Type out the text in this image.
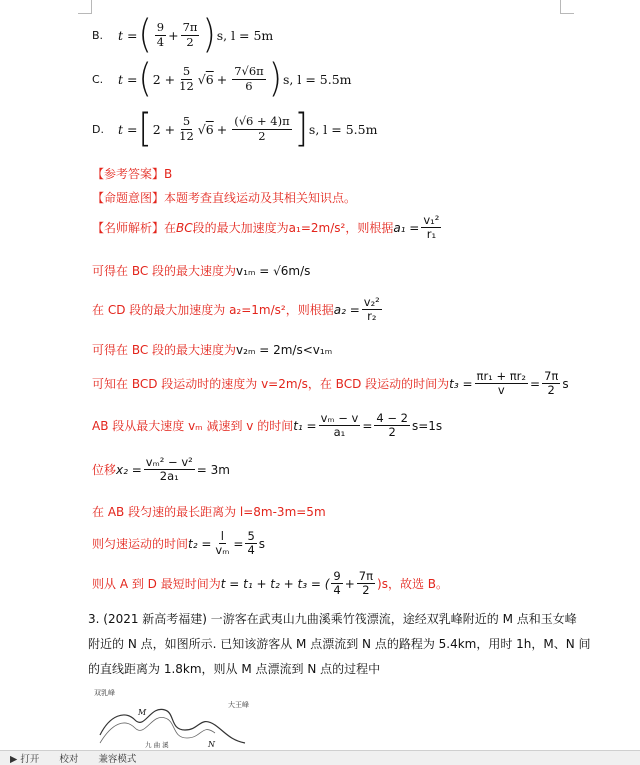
B.	t = ( $\frac{9}{4} + \frac{7\pi}{2}$ ) s, l = 5m
C.	t = ( $2 + \frac{5}{12}$ √ $6 + \frac{7√6\pi}{6}$ ) s, l = 5.5m
D.	t = [ $2 + \frac{5}{12}$ √ $6 + \frac{(√6 + 4)\pi}{2}$ ] s, l = 5.5m
【参考答案】B
【命题意图】本题考查直线运动及其相关知识点。
【名师解析】在 BC 段的最大加速度为 a₁=2m/s² ，则根据 $a_1 = \frac{\text{v₁²}}{\text{r₁}}$
可得在 BC 段的最大速度为 v₁ₘ = √6m/s
在 CD 段的最大加速度为 a₂=1m/s²，则根据 $a_2 = \frac{\text{v₂²}}{\text{r₂}}$
可得在 BC 段的最大速度为 v₂ₘ = 2m/s<v₁ₘ
可知在 BCD 段运动时的速度为 v=2m/s，在 BCD 段运动的时间为 $t_3 = \frac{\text{πr₁ + πr₂}}{v} = \frac{7\pi}{2}$ s
AB 段从最大速度 vₘ 减速到 v 的时间 $t_1 = \frac{\text{vₘ − v}}{\text{a₁}} = \frac{4 - 2}{2} s=1s$
位移 $x_2 = \frac{\text{vₘ² − v²}}{\text{2a₁}} = 3m$
在 AB 段匀速的最长距离为 l=8m-3m=5m
则匀速运动的时间 $t_2 = \frac{l}{\text{vₘ}} = \frac{5}{4}$ s
则从 A 到 D 最短时间为 t = t₁ + t₂ + t₃ = ( $\frac{9}{4} + \frac{7\pi}{2} )s$，故选 B。
3. (2021 新高考福建) 一游客在武夷山九曲溪乘竹筏漂流，途经双乳峰附近的 M 点和玉女峰
附近的 N 点，如图所示. 已知该游客从 M 点漂流到 N 点的路程为 5.4km，用时 1h，M、N 间
的直线距离为 1.8km，则从 M 点漂流到 N 点的过程中
双乳峰
大王峰
M
N
九 曲 溪
▶ 打开	校对	兼容模式
